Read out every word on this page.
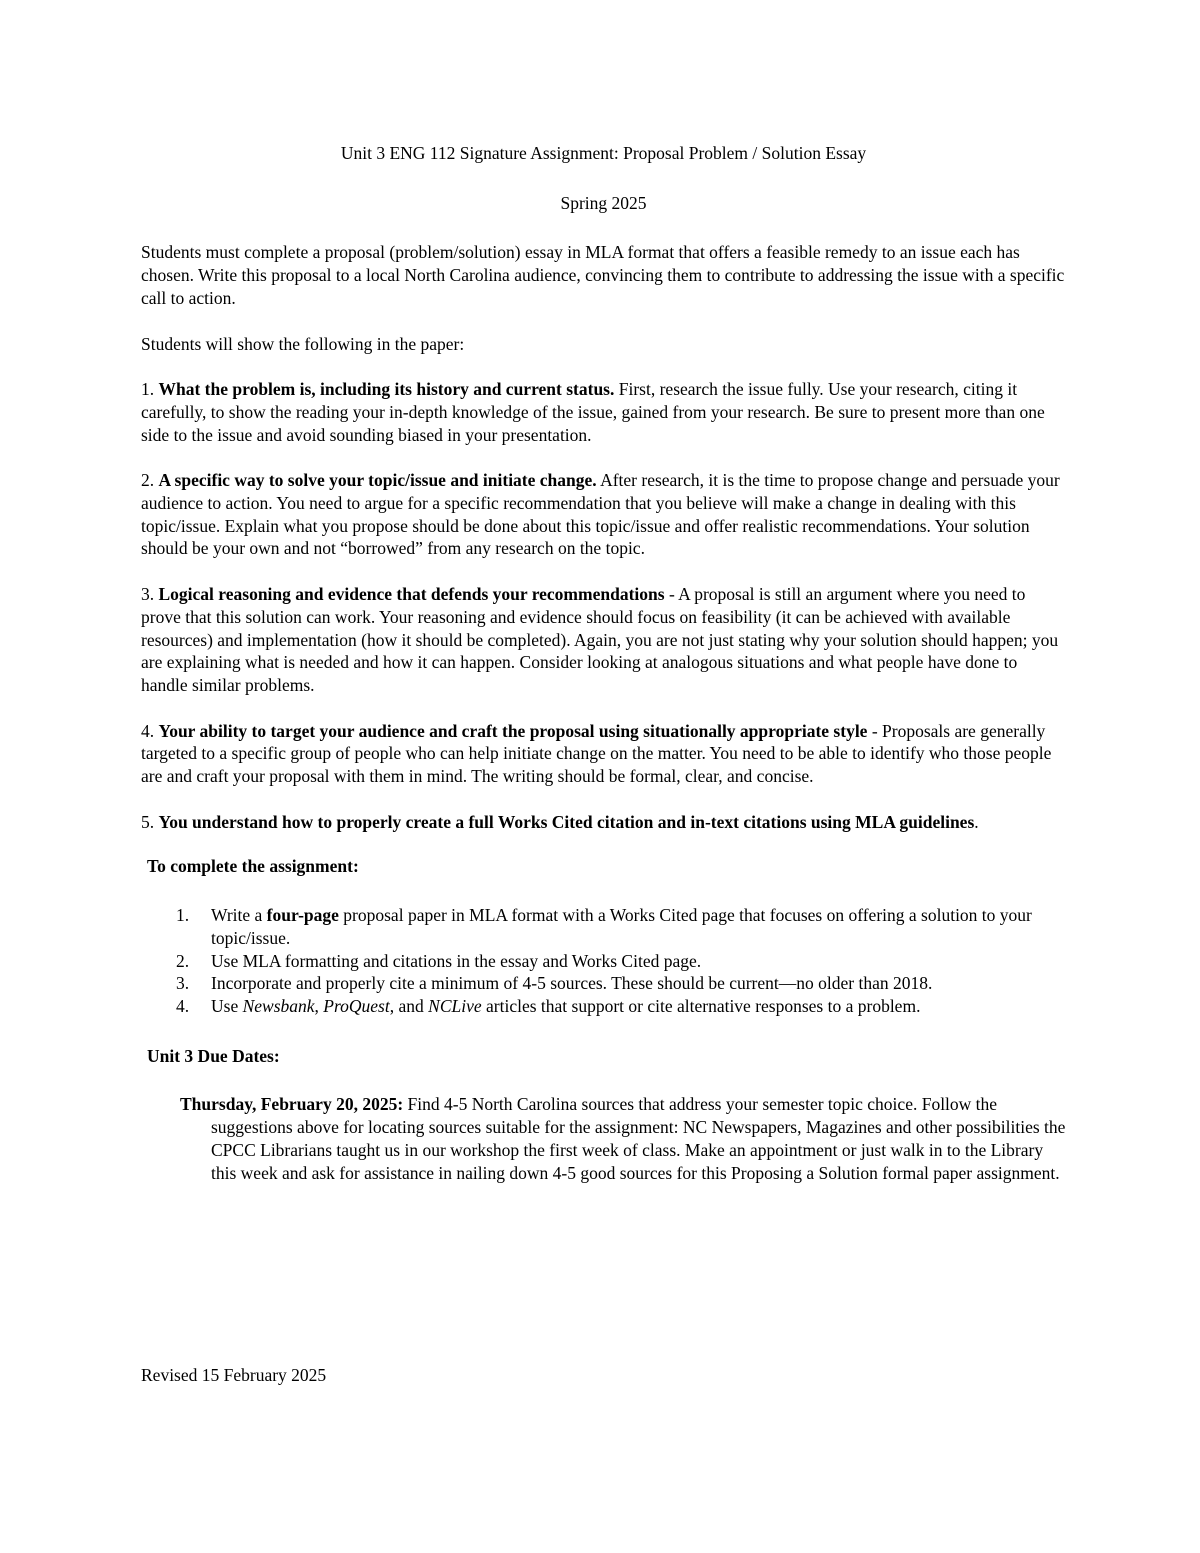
Unit 3 ENG 112 Signature Assignment: Proposal Problem / Solution Essay

Spring 2025

Students must complete a proposal (problem/solution) essay in MLA format that offers a feasible remedy to an issue each has chosen. Write this proposal to a local North Carolina audience, convincing them to contribute to addressing the issue with a specific call to action.

Students will show the following in the paper:

1. What the problem is, including its history and current status. First, research the issue fully. Use your research, citing it carefully, to show the reading your in-depth knowledge of the issue, gained from your research. Be sure to present more than one side to the issue and avoid sounding biased in your presentation.

2. A specific way to solve your topic/issue and initiate change. After research, it is the time to propose change and persuade your audience to action. You need to argue for a specific recommendation that you believe will make a change in dealing with this topic/issue. Explain what you propose should be done about this topic/issue and offer realistic recommendations. Your solution should be your own and not “borrowed” from any research on the topic.

3. Logical reasoning and evidence that defends your recommendations - A proposal is still an argument where you need to prove that this solution can work. Your reasoning and evidence should focus on feasibility (it can be achieved with available resources) and implementation (how it should be completed). Again, you are not just stating why your solution should happen; you are explaining what is needed and how it can happen. Consider looking at analogous situations and what people have done to handle similar problems.

4. Your ability to target your audience and craft the proposal using situationally appropriate style - Proposals are generally targeted to a specific group of people who can help initiate change on the matter. You need to be able to identify who those people are and craft your proposal with them in mind. The writing should be formal, clear, and concise.

5. You understand how to properly create a full Works Cited citation and in-text citations using MLA guidelines.

To complete the assignment:

1. Write a four-page proposal paper in MLA format with a Works Cited page that focuses on offering a solution to your topic/issue.
2. Use MLA formatting and citations in the essay and Works Cited page.
3. Incorporate and properly cite a minimum of 4-5 sources. These should be current—no older than 2018.
4. Use Newsbank, ProQuest, and NCLive articles that support or cite alternative responses to a problem.

Unit 3 Due Dates:

Thursday, February 20, 2025: Find 4-5 North Carolina sources that address your semester topic choice. Follow the suggestions above for locating sources suitable for the assignment: NC Newspapers, Magazines and other possibilities the CPCC Librarians taught us in our workshop the first week of class. Make an appointment or just walk in to the Library this week and ask for assistance in nailing down 4-5 good sources for this Proposing a Solution formal paper assignment.

Revised 15 February 2025
